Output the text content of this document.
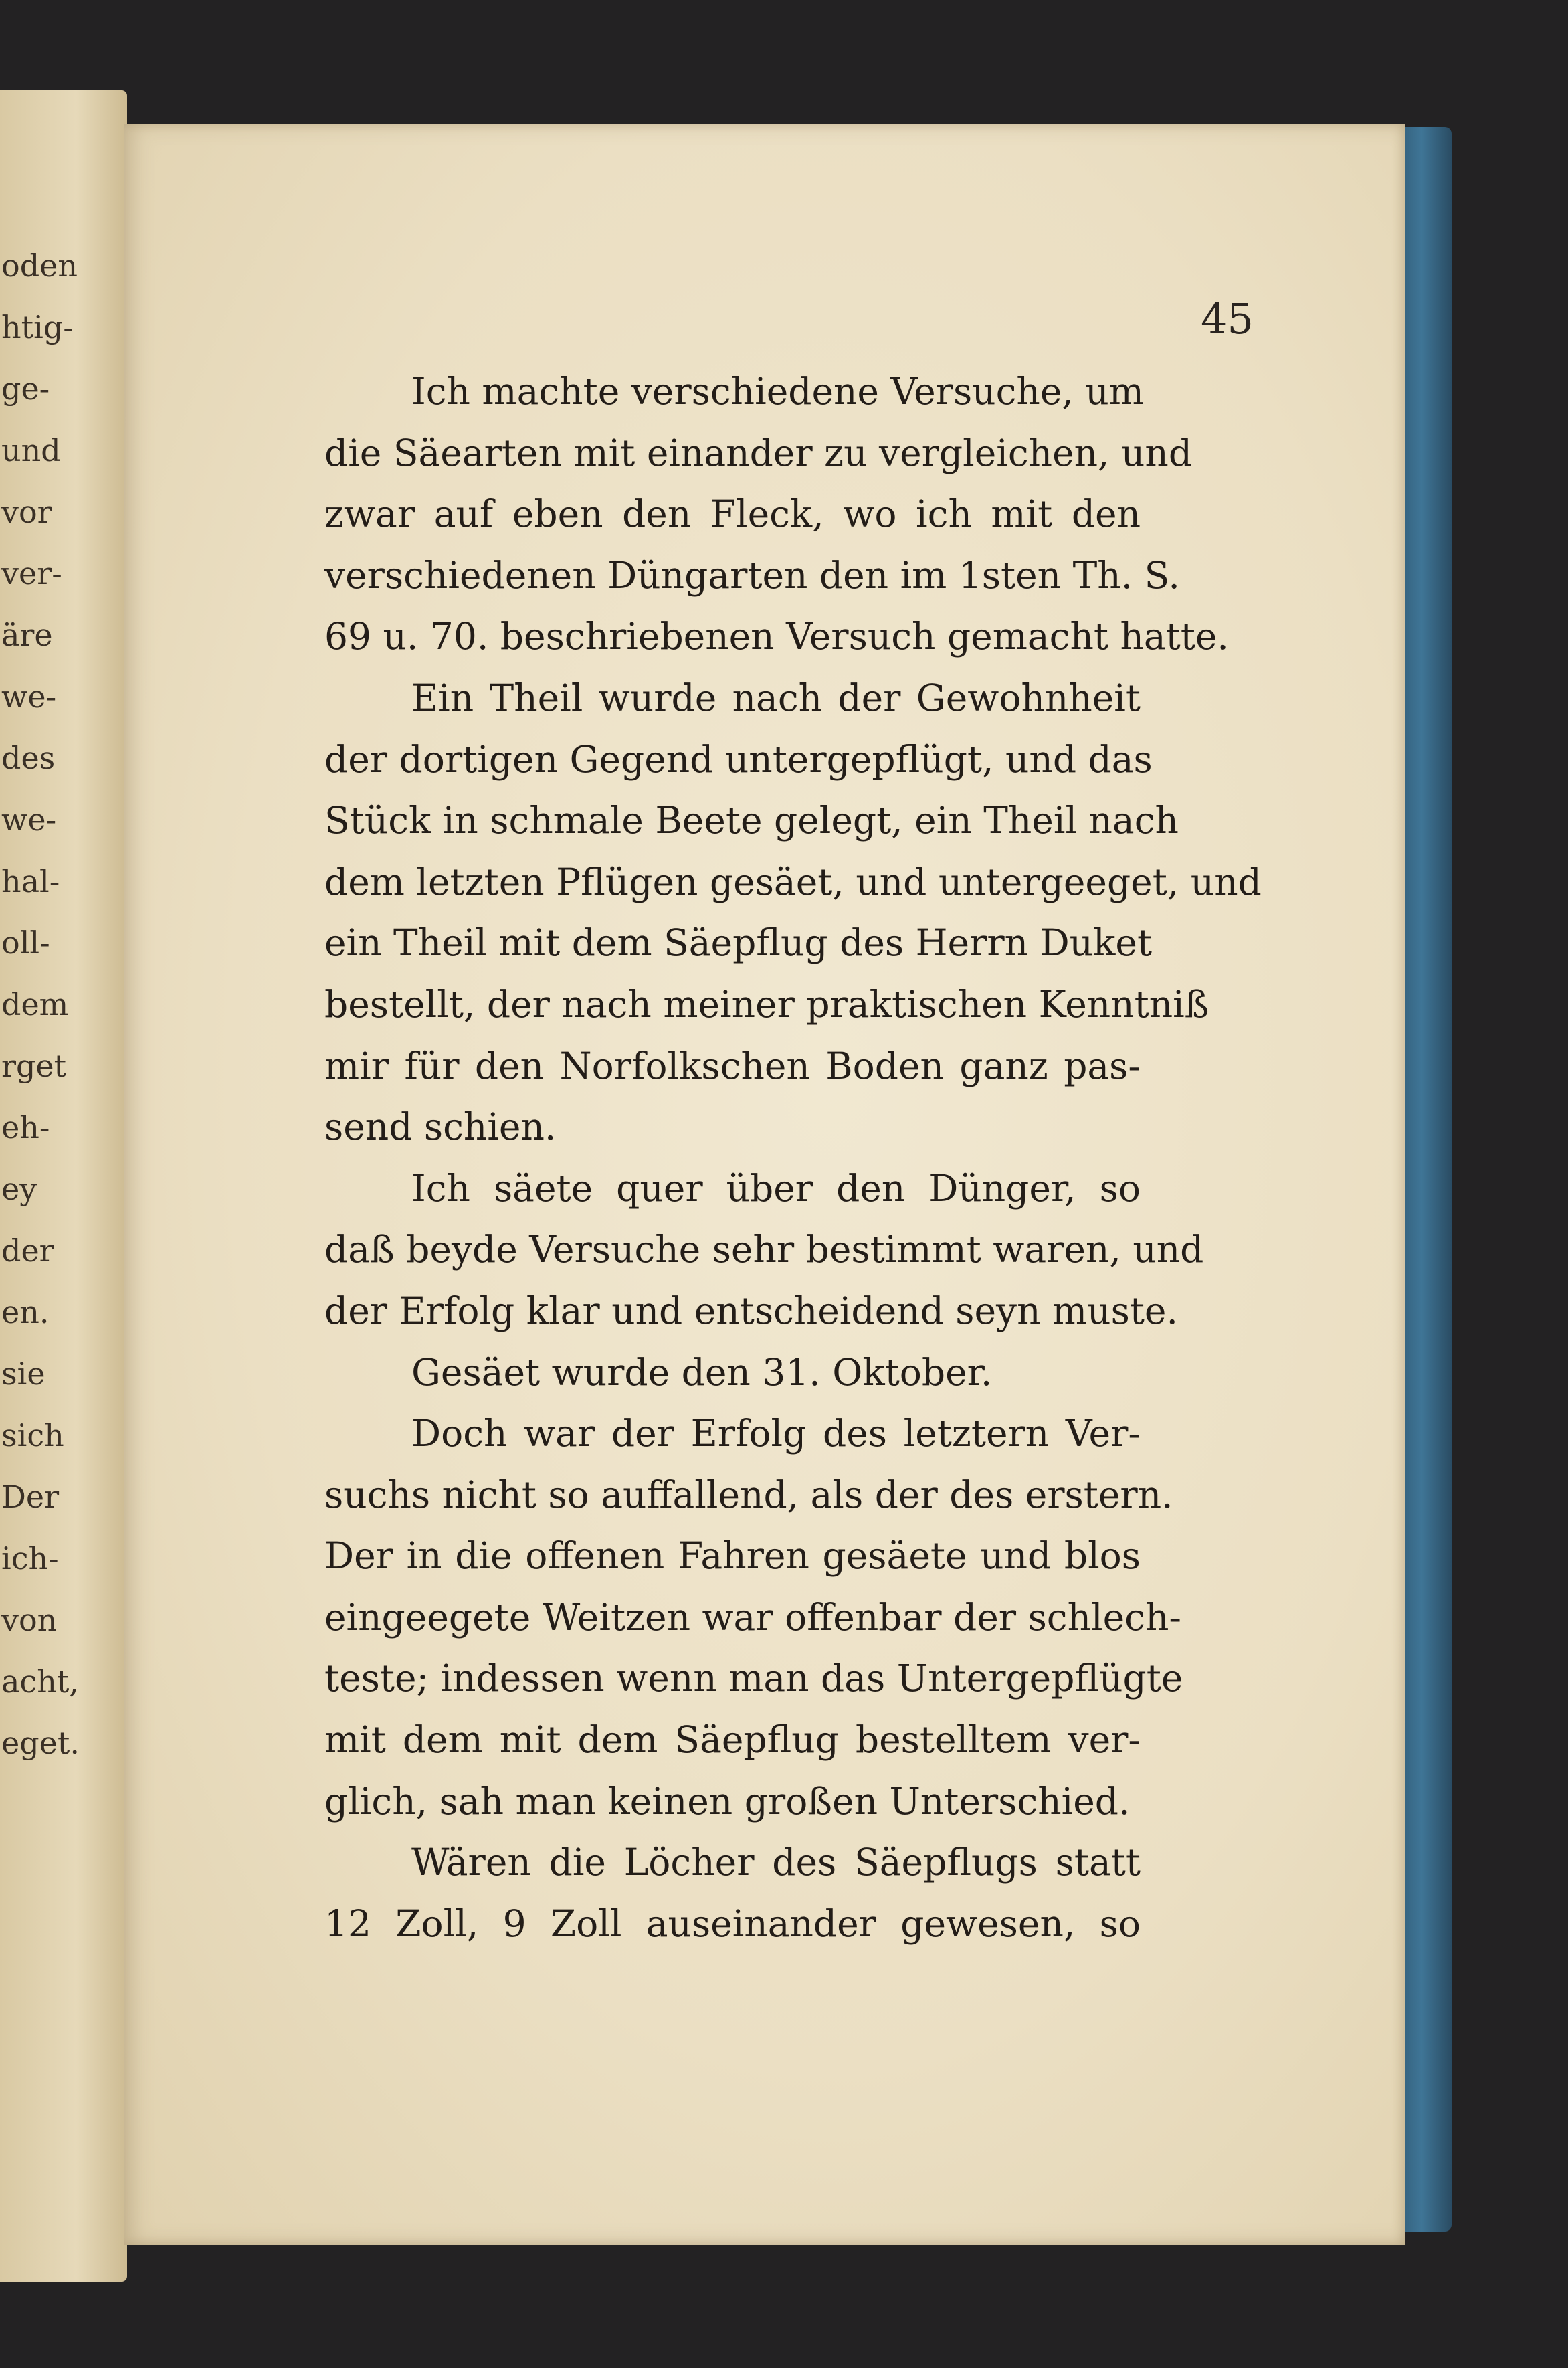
oden
htig-
ge-
und
vor
ver-
äre
we-
des
we-
hal-
oll-
dem
rget
eh-
ey
der
en.
sie
sich
Der
ich-
von
acht,
eget.
45
Ich machte verschiedene Versuche, um
die Säearten mit einander zu vergleichen, und
zwar auf eben den Fleck, wo ich mit den
verschiedenen Düngarten den im 1sten Th. S.
69 u. 70. beschriebenen Versuch gemacht hatte.
Ein Theil wurde nach der Gewohnheit
der dortigen Gegend untergepflügt, und das
Stück in schmale Beete gelegt, ein Theil nach
dem letzten Pflügen gesäet, und untergeeget, und
ein Theil mit dem Säepflug des Herrn Duket
bestellt, der nach meiner praktischen Kenntniß
mir für den Norfolkschen Boden ganz pas-
send schien.
Ich säete quer über den Dünger, so
daß beyde Versuche sehr bestimmt waren, und
der Erfolg klar und entscheidend seyn muste.
Gesäet wurde den 31. Oktober.
Doch war der Erfolg des letztern Ver-
suchs nicht so auffallend, als der des erstern.
Der in die offenen Fahren gesäete und blos
eingeegete Weitzen war offenbar der schlech-
teste; indessen wenn man das Untergepflügte
mit dem mit dem Säepflug bestelltem ver-
glich, sah man keinen großen Unterschied.
Wären die Löcher des Säepflugs statt
12 Zoll, 9 Zoll auseinander gewesen, so
